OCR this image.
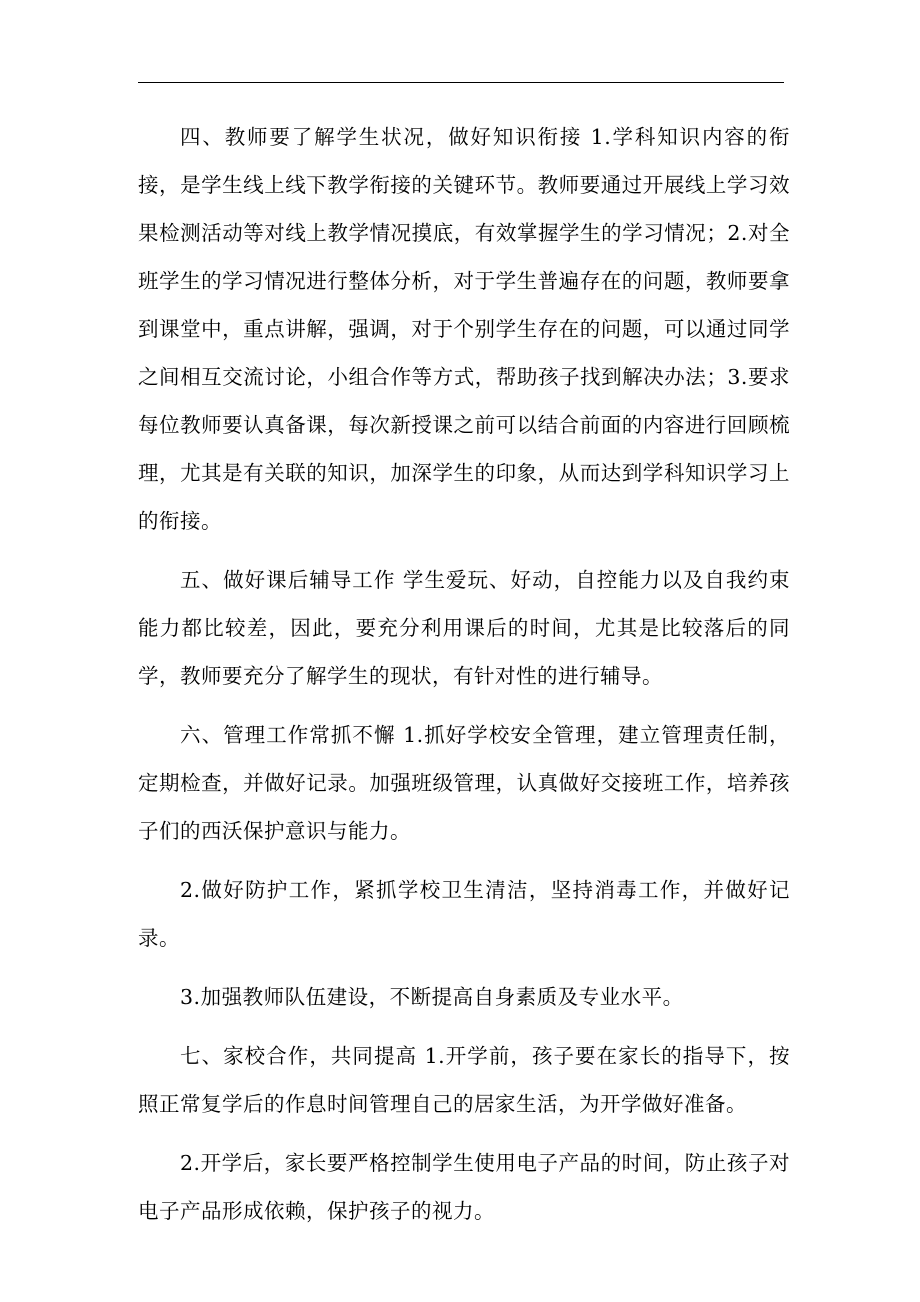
四、教师要了解学生状况，做好知识衔接 1.学科知识内容的衔接，是学生线上线下教学衔接的关键环节。教师要通过开展线上学习效果检测活动等对线上教学情况摸底，有效掌握学生的学习情况；2.对全班学生的学习情况进行整体分析，对于学生普遍存在的问题，教师要拿到课堂中，重点讲解，强调，对于个别学生存在的问题，可以通过同学之间相互交流讨论，小组合作等方式，帮助孩子找到解决办法；3.要求每位教师要认真备课，每次新授课之前可以结合前面的内容进行回顾梳理，尤其是有关联的知识，加深学生的印象，从而达到学科知识学习上的衔接。

五、做好课后辅导工作 学生爱玩、好动，自控能力以及自我约束能力都比较差，因此，要充分利用课后的时间，尤其是比较落后的同学，教师要充分了解学生的现状，有针对性的进行辅导。

六、管理工作常抓不懈 1.抓好学校安全管理，建立管理责任制，定期检查，并做好记录。加强班级管理，认真做好交接班工作，培养孩子们的西沃保护意识与能力。

2.做好防护工作，紧抓学校卫生清洁，坚持消毒工作，并做好记录。

3.加强教师队伍建设，不断提高自身素质及专业水平。

七、家校合作，共同提高 1.开学前，孩子要在家长的指导下，按照正常复学后的作息时间管理自己的居家生活，为开学做好准备。

2.开学后，家长要严格控制学生使用电子产品的时间，防止孩子对电子产品形成依赖，保护孩子的视力。
